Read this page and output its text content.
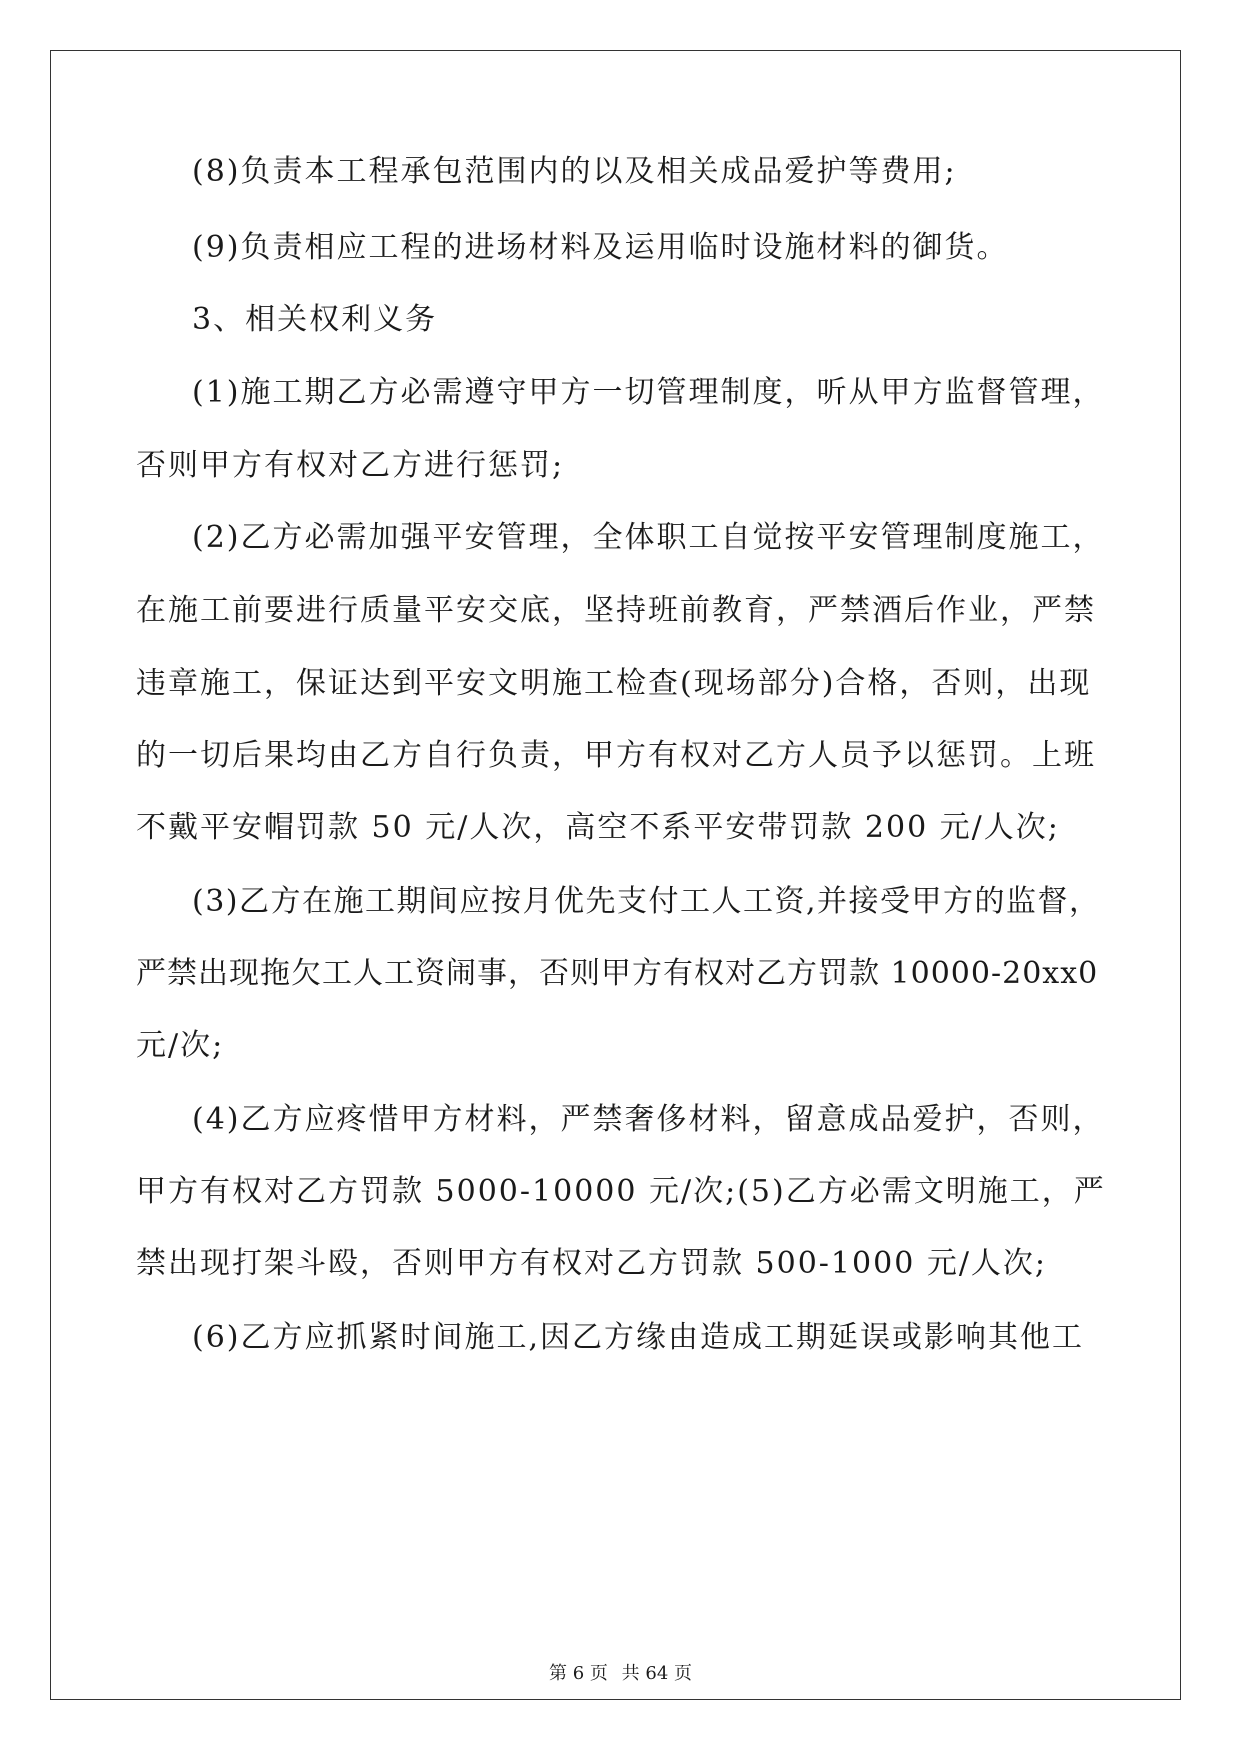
(8)负责本工程承包范围内的以及相关成品爱护等费用;
(9)负责相应工程的进场材料及运用临时设施材料的御货。
3、相关权利义务
(1)施工期乙方必需遵守甲方一切管理制度，听从甲方监督管理，
否则甲方有权对乙方进行惩罚;
(2)乙方必需加强平安管理，全体职工自觉按平安管理制度施工，
在施工前要进行质量平安交底，坚持班前教育，严禁酒后作业，严禁
违章施工，保证达到平安文明施工检查(现场部分)合格，否则，出现
的一切后果均由乙方自行负责，甲方有权对乙方人员予以惩罚。上班
不戴平安帽罚款 50 元/人次，高空不系平安带罚款 200 元/人次;
(3)乙方在施工期间应按月优先支付工人工资,并接受甲方的监督，
严禁出现拖欠工人工资闹事，否则甲方有权对乙方罚款 10000-20xx0
元/次;
(4)乙方应疼惜甲方材料，严禁奢侈材料，留意成品爱护，否则，
甲方有权对乙方罚款 5000-10000 元/次;(5)乙方必需文明施工，严
禁出现打架斗殴，否则甲方有权对乙方罚款 500-1000 元/人次;
(6)乙方应抓紧时间施工,因乙方缘由造成工期延误或影响其他工
第 6 页 共 64 页
